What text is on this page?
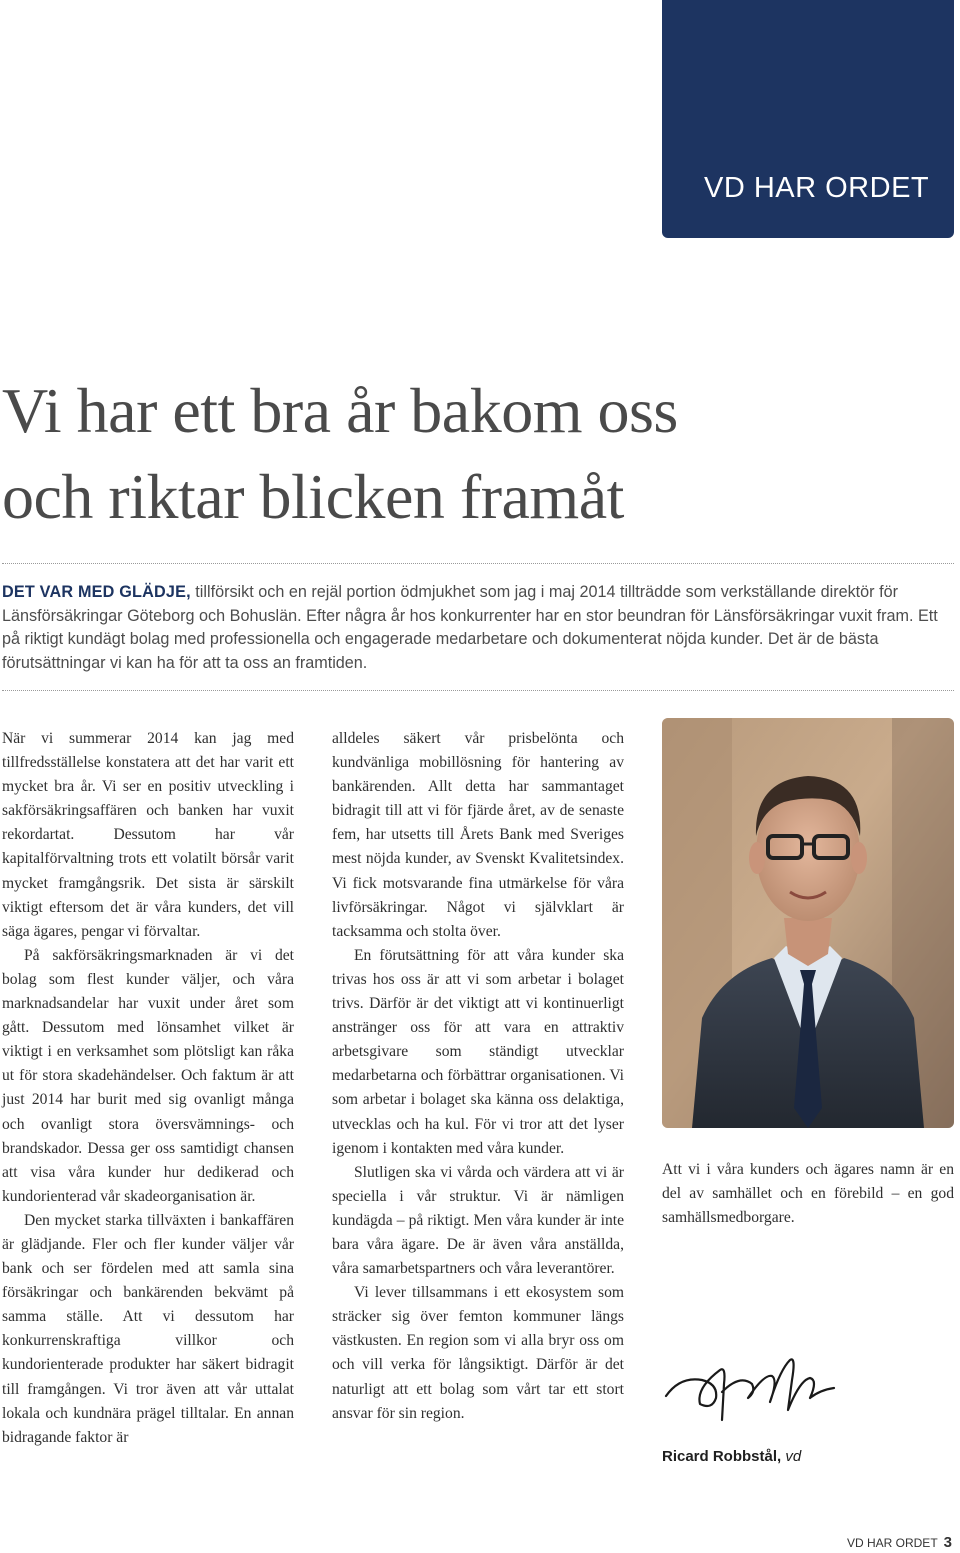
VD HAR ORDET
Vi har ett bra år bakom oss
och riktar blicken framåt

DET VAR MED GLÄDJE, tillförsikt och en rejäl portion ödmjukhet som jag i maj 2014 tillträdde som verkställande direktör för Länsförsäkringar Göteborg och Bohuslän. Efter några år hos konkurrenter har en stor beundran för Länsförsäkringar vuxit fram. Ett på riktigt kundägt bolag med professionella och engagerade medarbetare och dokumenterat nöjda kunder. Det är de bästa förutsättningar vi kan ha för att ta oss an framtiden.

När vi summerar 2014 kan jag med tillfredsställelse konstatera att det har varit ett mycket bra år. Vi ser en positiv utveckling i sakförsäkringsaffären och banken har vuxit rekordartat. Dessutom har vår kapitalförvaltning trots ett volatilt börsår varit mycket framgångsrik. Det sista är särskilt viktigt eftersom det är våra kunders, det vill säga ägares, pengar vi förvaltar.

På sakförsäkringsmarknaden är vi det bolag som flest kunder väljer, och våra marknadsandelar har vuxit under året som gått. Dessutom med lönsamhet vilket är viktigt i en verksamhet som plötsligt kan råka ut för stora skadehändelser. Och faktum är att just 2014 har burit med sig ovanligt många och ovanligt stora översvämnings- och brandskador. Dessa ger oss samtidigt chansen att visa våra kunder hur dedikerad och kundorienterad vår skadeorganisation är.

Den mycket starka tillväxten i bankaffären är glädjande. Fler och fler kunder väljer vår bank och ser fördelen med att samla sina försäkringar och bankärenden bekvämt på samma ställe. Att vi dessutom har konkurrenskraftiga villkor och kundorienterade produkter har säkert bidragit till framgången. Vi tror även att vår uttalat lokala och kundnära prägel tilltalar. En annan bidragande faktor är

alldeles säkert vår prisbelönta och kundvänliga mobillösning för hantering av bankärenden. Allt detta har sammantaget bidragit till att vi för fjärde året, av de senaste fem, har utsetts till Årets Bank med Sveriges mest nöjda kunder, av Svenskt Kvalitetsindex. Vi fick motsvarande fina utmärkelse för våra livförsäkringar. Något vi självklart är tacksamma och stolta över.

En förutsättning för att våra kunder ska trivas hos oss är att vi som arbetar i bolaget trivs. Därför är det viktigt att vi kontinuerligt anstränger oss för att vara en attraktiv arbetsgivare som ständigt utvecklar medarbetarna och förbättrar organisationen. Vi som arbetar i bolaget ska känna oss delaktiga, utvecklas och ha kul. För vi tror att det lyser igenom i kontakten med våra kunder.

Slutligen ska vi vårda och värdera att vi är speciella i vår struktur. Vi är nämligen kundägda – på riktigt. Men våra kunder är inte bara våra ägare. De är även våra anställda, våra samarbetspartners och våra leverantörer.

Vi lever tillsammans i ett ekosystem som sträcker sig över femton kommuner längs västkusten. En region som vi alla bryr oss om och vill verka för långsiktigt. Därför är det naturligt att ett bolag som vårt tar ett stort ansvar för sin region.

Att vi i våra kunders och ägares namn är en del av samhället och en förebild – en god samhällsmedborgare.
Ricard Robbstål, vd
VD HAR ORDET 3
